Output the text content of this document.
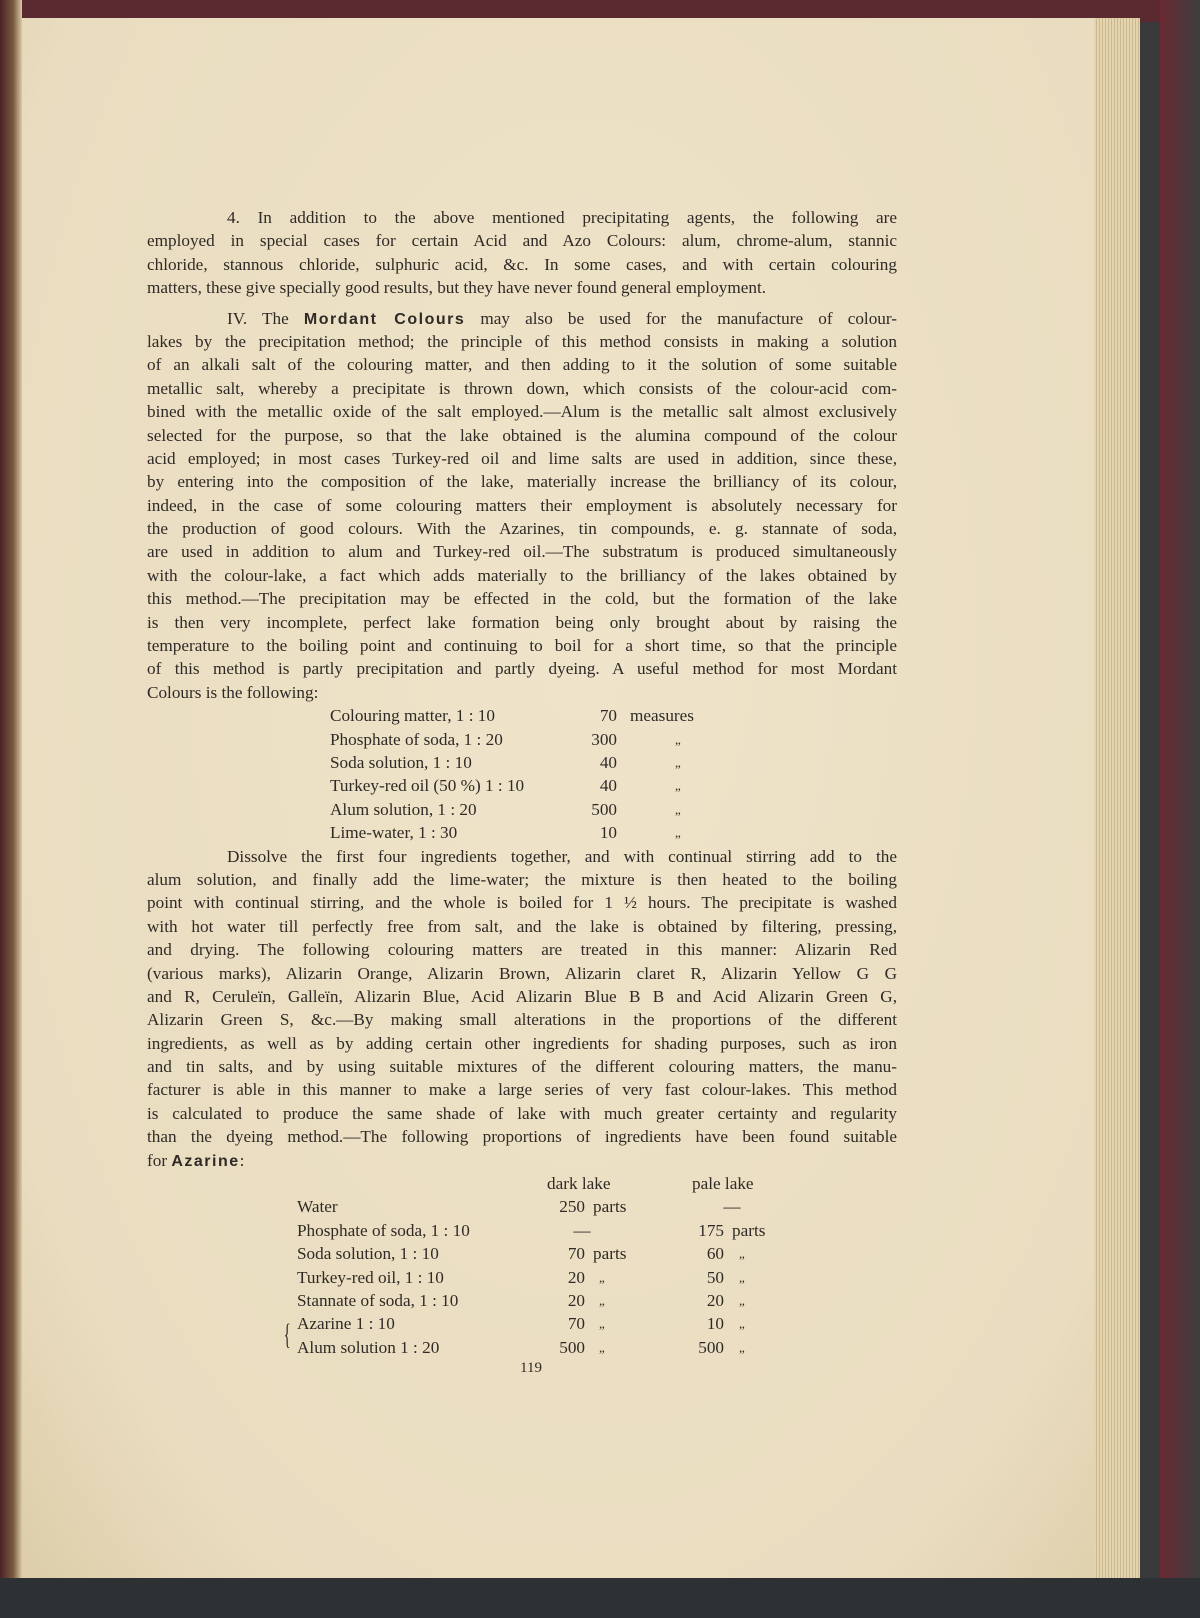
4. In addition to the above mentioned precipitating agents, the following are
employed in special cases for certain Acid and Azo Colours: alum, chrome-alum, stannic
chloride, stannous chloride, sulphuric acid, &c. In some cases, and with certain colouring
matters, these give specially good results, but they have never found general employment.
IV. The Mordant Colours may also be used for the manufacture of colour-
lakes by the precipitation method; the principle of this method consists in making a solution
of an alkali salt of the colouring matter, and then adding to it the solution of some suitable
metallic salt, whereby a precipitate is thrown down, which consists of the colour-acid com-
bined with the metallic oxide of the salt employed.—Alum is the metallic salt almost exclusively
selected for the purpose, so that the lake obtained is the alumina compound of the colour
acid employed; in most cases Turkey-red oil and lime salts are used in addition, since these,
by entering into the composition of the lake, materially increase the brilliancy of its colour,
indeed, in the case of some colouring matters their employment is absolutely necessary for
the production of good colours. With the Azarines, tin compounds, e. g. stannate of soda,
are used in addition to alum and Turkey-red oil.—The substratum is produced simultaneously
with the colour-lake, a fact which adds materially to the brilliancy of the lakes obtained by
this method.—The precipitation may be effected in the cold, but the formation of the lake
is then very incomplete, perfect lake formation being only brought about by raising the
temperature to the boiling point and continuing to boil for a short time, so that the principle
of this method is partly precipitation and partly dyeing. A useful method for most Mordant
Colours is the following:
Colouring matter, 1 : 10	70 measures
Phosphate of soda, 1 : 20	300	„
Soda solution, 1 : 10	40	„
Turkey-red oil (50 %) 1 : 10	40	„
Alum solution, 1 : 20	500	„
Lime-water, 1 : 30	10	„
Dissolve the first four ingredients together, and with continual stirring add to the
alum solution, and finally add the lime-water; the mixture is then heated to the boiling
point with continual stirring, and the whole is boiled for 1 ½ hours. The precipitate is washed
with hot water till perfectly free from salt, and the lake is obtained by filtering, pressing,
and drying. The following colouring matters are treated in this manner: Alizarin Red
(various marks), Alizarin Orange, Alizarin Brown, Alizarin claret R, Alizarin Yellow G G
and R, Ceruleïn, Galleïn, Alizarin Blue, Acid Alizarin Blue B B and Acid Alizarin Green G,
Alizarin Green S, &c.—By making small alterations in the proportions of the different
ingredients, as well as by adding certain other ingredients for shading purposes, such as iron
and tin salts, and by using suitable mixtures of the different colouring matters, the manu-
facturer is able in this manner to make a large series of very fast colour-lakes. This method
is calculated to produce the same shade of lake with much greater certainty and regularity
than the dyeing method.—The following proportions of ingredients have been found suitable
for Azarine:
dark lake	pale lake
Water	250 parts	—
Phosphate of soda, 1 : 10	—	175 parts
Soda solution, 1 : 10	70 parts	60 „
Turkey-red oil, 1 : 10	20 „	50 „
Stannate of soda, 1 : 10	20 „	20 „
Azarine 1 : 10	70 „	10 „
Alum solution 1 : 20	500 „	500 „
{
119
